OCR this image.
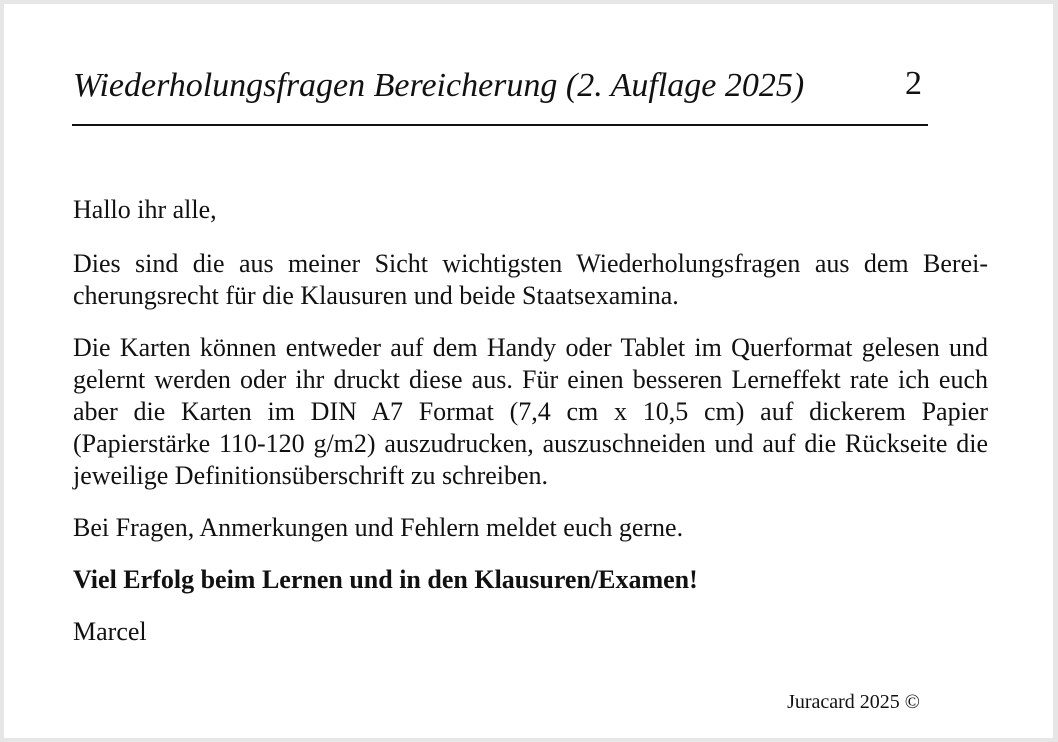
Wiederholungsfragen Bereicherung (2. Auflage 2025)	2

Hallo ihr alle,

Dies sind die aus meiner Sicht wichtigsten Wiederholungsfragen aus dem Berei-cherungsrecht für die Klausuren und beide Staatsexamina.

Die Karten können entweder auf dem Handy oder Tablet im Querformat gelesen und gelernt werden oder ihr druckt diese aus. Für einen besseren Lerneffekt rate ich euch aber die Karten im DIN A7 Format (7,4 cm x 10,5 cm) auf dickerem Papier (Papierstärke 110-120 g/m2) auszudrucken, auszuschneiden und auf die Rückseite die jeweilige Definitionsüberschrift zu schreiben.

Bei Fragen, Anmerkungen und Fehlern meldet euch gerne.

Viel Erfolg beim Lernen und in den Klausuren/Examen!

Marcel

Juracard 2025 ©
